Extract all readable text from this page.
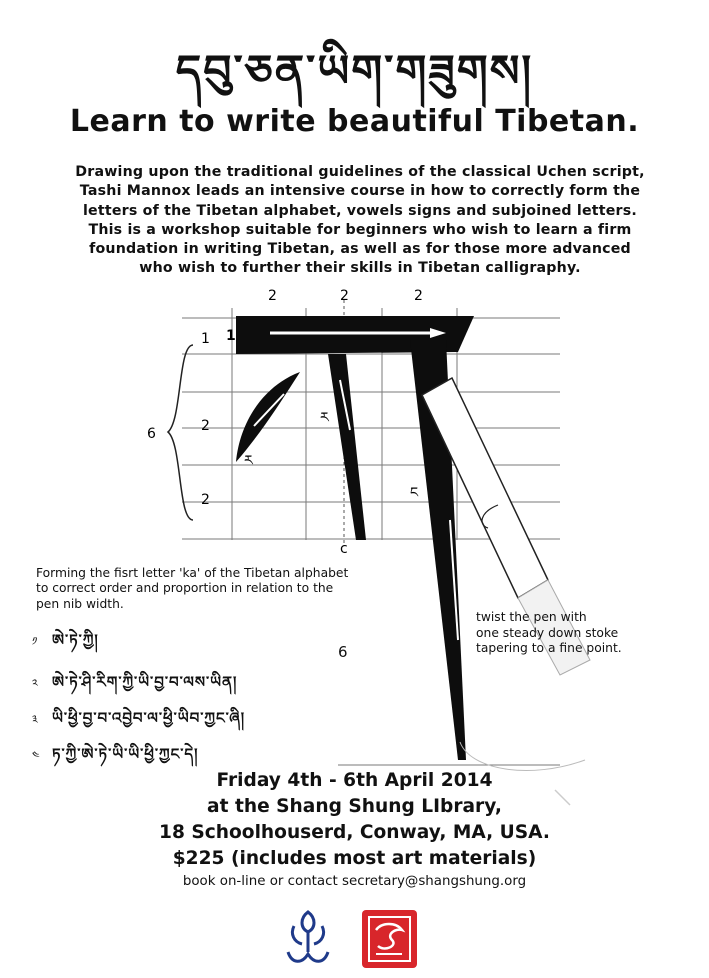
དབུ་ཅན་ཡིག་གཟུགས།
Learn to write beautiful Tibetan.
Drawing upon the traditional guidelines of the classical Uchen script,
Tashi Mannox leads an intensive course in how to correctly form the
letters of the Tibetan alphabet, vowels signs and subjoined letters.
This is a workshop suitable for beginners who wish to learn a firm
foundation in writing Tibetan, as well as for those more advanced
who wish to further their skills in Tibetan calligraphy.
2	2	2
1
6	2
2
c
1
ར
ར
ང
Forming the fisrt letter 'ka' of the Tibetan alphabet
to correct order and proportion in relation to the
pen nib width.
twist the pen with
one steady down stoke
tapering to a fine point.
6
༡ ཨེ་ཏེ་ཀྱི།
༢ ཨེ་ཏེ་ཤི་རིག་ཀྱི་ཡི་བྱ་བ་ལས་ཡིན།
༣ ཡི་ཕྱི་བྱ་བ་འབྱེབ་ལ་ཕྱི་ཡིབ་ཀྱང་ཞི།
༤ ཏ་ཀྱི་ཨེ་ཏེ་ཡི་ཡི་ཕྱི་ཀྱང་དེ།
Friday 4th - 6th April 2014
at the Shang Shung LIbrary,
18 Schoolhouserd, Conway, MA, USA.
$225 (includes most art materials)
book on-line or contact secretary@shangshung.org
